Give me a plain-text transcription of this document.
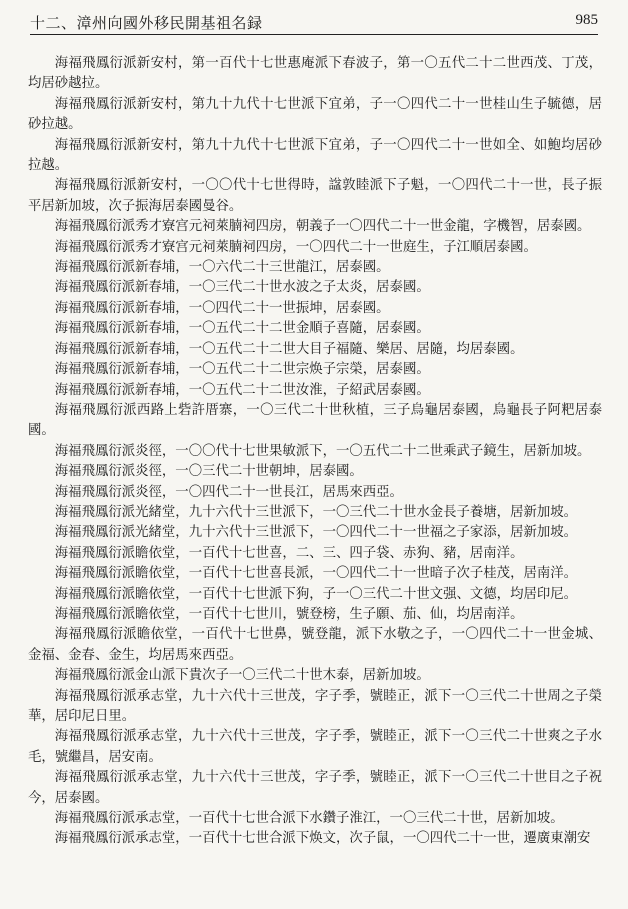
十二、漳州向國外移民開基祖名録	985

海福飛鳳衍派新安村，第一百代十七世惠庵派下春波子，第一〇五代二十二世西茂、丁茂，均居砂越拉。

海福飛鳳衍派新安村，第九十九代十七世派下宜弟，子一〇四代二十一世桂山生子毓德，居砂拉越。

海福飛鳳衍派新安村，第九十九代十七世派下宜弟，子一〇四代二十一世如全、如鮑均居砂拉越。

海福飛鳳衍派新安村，一〇〇代十七世得時，諡敦睦派下子魁，一〇四代二十一世，長子振平居新加坡，次子振海居泰國曼谷。

海福飛鳳衍派秀才寮宫元祠萊腩祠四房，朝義子一〇四代二十一世金龍，字機智，居泰國。

海福飛鳳衍派秀才寮宫元祠萊腩祠四房，一〇四代二十一世庭生，子江順居泰國。

海福飛鳳衍派新春埔，一〇六代二十三世龍江，居泰國。

海福飛鳳衍派新春埔，一〇三代二十世水波之子太炎，居泰國。

海福飛鳳衍派新春埔，一〇四代二十一世振坤，居泰國。

海福飛鳳衍派新春埔，一〇五代二十二世金順子喜隨，居泰國。

海福飛鳳衍派新春埔，一〇五代二十二世大目子福隨、樂居、居隨，均居泰國。

海福飛鳳衍派新春埔，一〇五代二十二世宗焕子宗榮，居泰國。

海福飛鳳衍派新春埔，一〇五代二十二世汝淮，子紹武居泰國。

海福飛鳳衍派西路上砦許厝寨，一〇三代二十世秋植，三子烏龜居泰國，烏龜長子阿粑居泰國。

海福飛鳳衍派炎徑，一〇〇代十七世果敏派下，一〇五代二十二世乘武子鏡生，居新加坡。

海福飛鳳衍派炎徑，一〇三代二十世朝坤，居泰國。

海福飛鳳衍派炎徑，一〇四代二十一世長江，居馬來西亞。

海福飛鳳衍派光緒堂，九十六代十三世派下，一〇三代二十世水金長子養塘，居新加坡。

海福飛鳳衍派光緒堂，九十六代十三世派下，一〇四代二十一世福之子家添，居新加坡。

海福飛鳳衍派瞻依堂，一百代十七世喜，二、三、四子袋、赤狗、豬，居南洋。

海福飛鳳衍派瞻依堂，一百代十七世喜長派，一〇四代二十一世暗子次子桂茂，居南洋。

海福飛鳳衍派瞻依堂，一百代十七世派下狗，子一〇三代二十世文强、文德，均居印尼。

海福飛鳳衍派瞻依堂，一百代十七世川，號登榜，生子願、茄、仙，均居南洋。

海福飛鳳衍派瞻依堂，一百代十七世鼻，號登龍，派下水敬之子，一〇四代二十一世金城、金福、金春、金生，均居馬來西亞。

海福飛鳳衍派金山派下貴次子一〇三代二十世木泰，居新加坡。

海福飛鳳衍派承志堂，九十六代十三世茂，字子季，號睦正，派下一〇三代二十世周之子榮華，居印尼日里。

海福飛鳳衍派承志堂，九十六代十三世茂，字子季，號睦正，派下一〇三代二十世爽之子水毛，號繼昌，居安南。

海福飛鳳衍派承志堂，九十六代十三世茂，字子季，號睦正，派下一〇三代二十世目之子祝今，居泰國。

海福飛鳳衍派承志堂，一百代十七世合派下水鑽子淮江，一〇三代二十世，居新加坡。

海福飛鳳衍派承志堂，一百代十七世合派下焕文，次子鼠，一〇四代二十一世，遷廣東潮安
